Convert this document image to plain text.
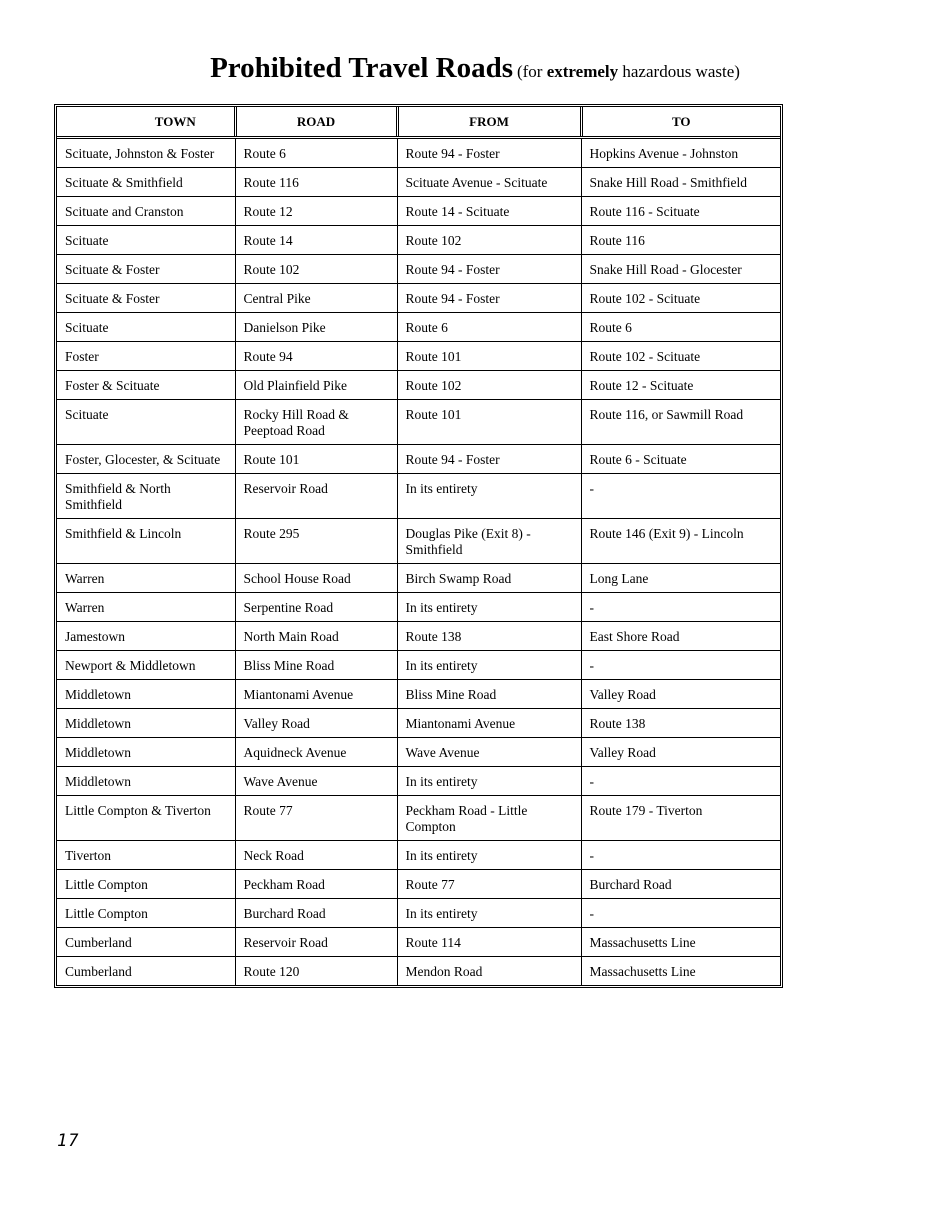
Prohibited Travel Roads (for extremely hazardous waste)
TOWN	ROAD	FROM	TO
Scituate, Johnston & Foster	Route 6	Route 94 - Foster	Hopkins Avenue - Johnston
Scituate & Smithfield	Route 116	Scituate Avenue - Scituate	Snake Hill Road - Smithfield
Scituate and Cranston	Route 12	Route 14 - Scituate	Route 116 - Scituate
Scituate	Route 14	Route 102	Route 116
Scituate & Foster	Route 102	Route 94 - Foster	Snake Hill Road - Glocester
Scituate & Foster	Central Pike	Route 94 - Foster	Route 102 - Scituate
Scituate	Danielson Pike	Route 6	Route 6
Foster	Route 94	Route 101	Route 102 - Scituate
Foster & Scituate	Old Plainfield Pike	Route 102	Route 12 - Scituate
Scituate	Rocky Hill Road & Peeptoad Road	Route 101	Route 116, or Sawmill Road
Foster, Glocester, & Scituate	Route 101	Route 94 - Foster	Route 6 - Scituate
Smithfield & North Smithfield	Reservoir Road	In its entirety	-
Smithfield & Lincoln	Route 295	Douglas Pike (Exit 8) - Smithfield	Route 146 (Exit 9) - Lincoln
Warren	School House Road	Birch Swamp Road	Long Lane
Warren	Serpentine Road	In its entirety	-
Jamestown	North Main Road	Route 138	East Shore Road
Newport & Middletown	Bliss Mine Road	In its entirety	-
Middletown	Miantonami Avenue	Bliss Mine Road	Valley Road
Middletown	Valley Road	Miantonami Avenue	Route 138
Middletown	Aquidneck Avenue	Wave Avenue	Valley Road
Middletown	Wave Avenue	In its entirety	-
Little Compton & Tiverton	Route 77	Peckham Road - Little Compton	Route 179 - Tiverton
Tiverton	Neck Road	In its entirety	-
Little Compton	Peckham Road	Route 77	Burchard Road
Little Compton	Burchard Road	In its entirety	-
Cumberland	Reservoir Road	Route 114	Massachusetts Line
Cumberland	Route 120	Mendon Road	Massachusetts Line
17
